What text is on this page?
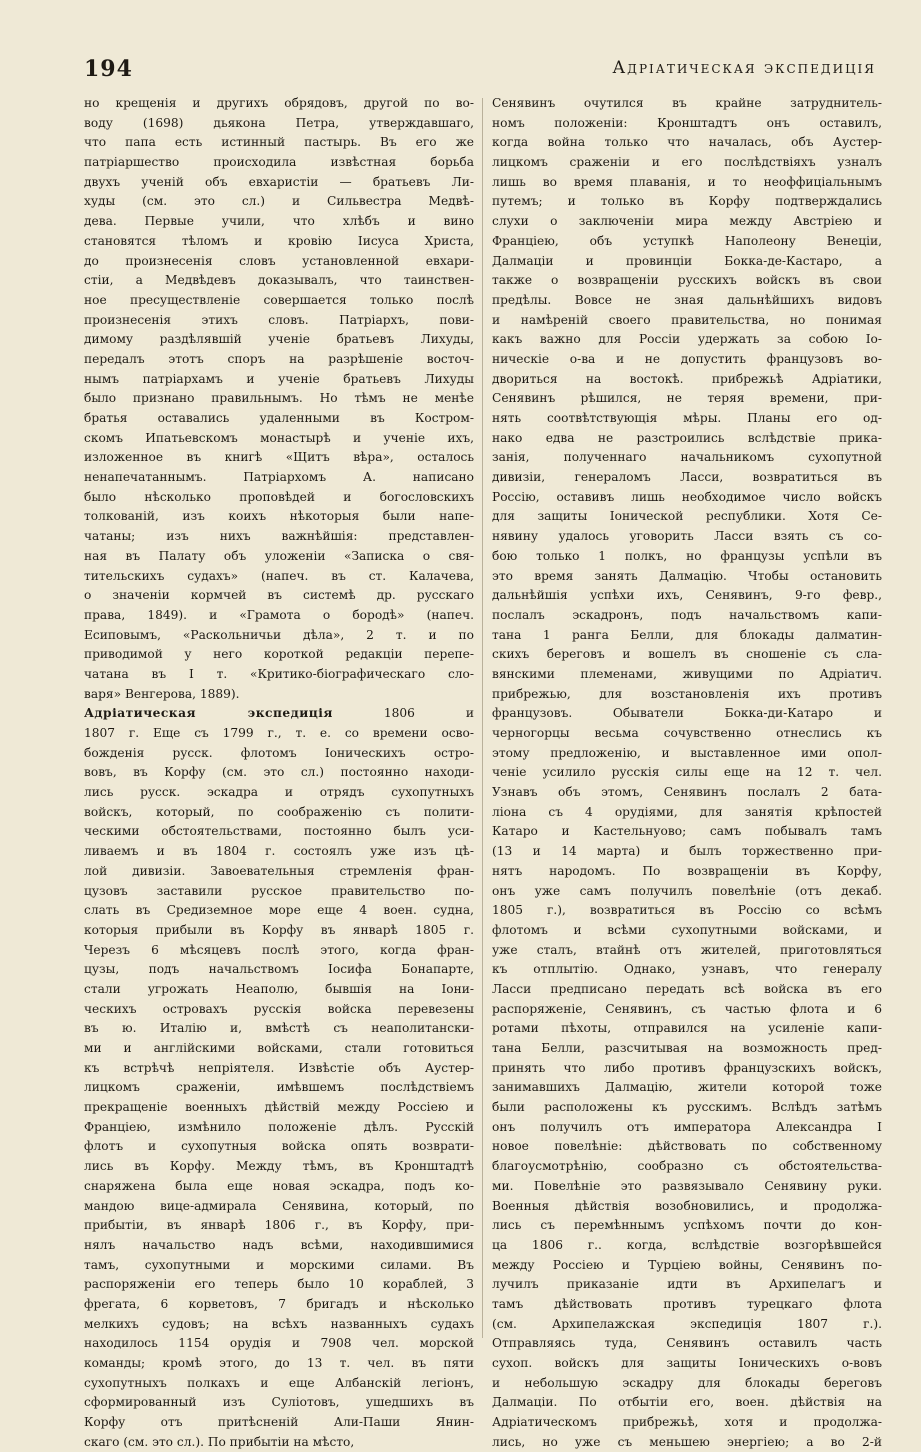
194	Адріатическая экспедиція
но крещенія и другихъ обрядовъ, другой по во-
воду (1698) дьякона Петра, утверждавшаго,
что папа есть истинный пастырь. Въ его же
патріаршество происходила извѣстная борьба
двухъ ученій объ евхаристіи — братьевъ Ли-
худы (см. это сл.) и Сильвестра Медвѣ-
дева. Первые учили, что хлѣбъ и вино
становятся тѣломъ и кровію Іисуса Христа,
до произнесенія словъ установленной евхари-
стіи, а Медвѣдевъ доказывалъ, что таинствен-
ное пресуществленіе совершается только послѣ
произнесенія этихъ словъ. Патріархъ, пови-
димому раздѣлявшій ученіе братьевъ Лихуды,
передалъ этотъ споръ на разрѣшеніе восточ-
нымъ патріархамъ и ученіе братьевъ Лихуды
было признано правильнымъ. Но тѣмъ не менѣе
братья оставались удаленными въ Костром-
скомъ Ипатьевскомъ монастырѣ и ученіе ихъ,
изложенное въ книгѣ «Щитъ вѣра», осталось
ненапечатаннымъ. Патріархомъ А. написано
было нѣсколько проповѣдей и богословскихъ
толкованій, изъ коихъ нѣкоторыя были напе-
чатаны; изъ нихъ важнѣйшія: представлен-
ная въ Палату объ уложеніи «Записка о свя-
тительскихъ судахъ» (напеч. въ ст. Калачева,
о значеніи кормчей въ системѣ др. русскаго
права, 1849). и «Грамота о бородѣ» (напеч.
Есиповымъ, «Раскольничьи дѣла», 2 т. и по
приводимой у него короткой редакціи перепе-
чатана въ І т. «Критико-біографическаго сло-
варя» Венгерова, 1889).
Адріатическая экспедиція 1806 и
1807 г. Еще съ 1799 г., т. е. со времени осво-
божденія русск. флотомъ Іоническихъ остро-
вовъ, въ Корфу (см. это сл.) постоянно находи-
лись русск. эскадра и отрядъ сухопутныхъ
войскъ, который, по соображенію съ полити-
ческими обстоятельствами, постоянно былъ уси-
ливаемъ и въ 1804 г. состоялъ уже изъ цѣ-
лой дивизіи. Завоевательныя стремленія фран-
цузовъ заставили русское правительство по-
слать въ Средиземное море еще 4 воен. судна,
которыя прибыли въ Корфу въ январѣ 1805 г.
Черезъ 6 мѣсяцевъ послѣ этого, когда фран-
цузы, подъ начальствомъ Іосифа Бонапарте,
стали угрожать Неаполю, бывшія на Іони-
ческихъ островахъ русскія войска перевезены
въ ю. Италію и, вмѣстѣ съ неаполитански-
ми и англійскими войсками, стали готовиться
къ встрѣчѣ непріятеля. Извѣстіе объ Аустер-
лицкомъ сраженіи, имѣвшемъ послѣдствіемъ
прекращеніе военныхъ дѣйствій между Россіею и
Франціею, измѣнило положеніе дѣлъ. Русскій
флотъ и сухопутныя войска опять возврати-
лись въ Корфу. Между тѣмъ, въ Кронштадтѣ
снаряжена была еще новая эскадра, подъ ко-
мандою вице-адмирала Сенявина, который, по
прибытіи, въ январѣ 1806 г., въ Корфу, при-
нялъ начальство надъ всѣми, находившимися
тамъ, сухопутными и морскими силами. Въ
распоряженіи его теперь было 10 кораблей, 3
фрегата, 6 корветовъ, 7 бригадъ и нѣсколько
мелкихъ судовъ; на всѣхъ названныхъ судахъ
находилось 1154 орудія и 7908 чел. морской
команды; кромѣ этого, до 13 т. чел. въ пяти
сухопутныхъ полкахъ и еще Албанскій легіонъ,
сформированный изъ Суліотовъ, ушедшихъ въ
Корфу отъ притѣсненій Али-Паши Янин-
скаго (см. это сл.). По прибытіи на мѣсто,
Сенявинъ очутился въ крайне затруднитель-
номъ положеніи: Кронштадтъ онъ оставилъ,
когда война только что началась, объ Аустер-
лицкомъ сраженіи и его послѣдствіяхъ узналъ
лишь во время плаванія, и то неоффиціальнымъ
путемъ; и только въ Корфу подтверждались
слухи о заключеніи мира между Австріею и
Франціею, объ уступкѣ Наполеону Венеціи,
Далмаціи и провинціи Бокка-де-Кастаро, а
также о возвращеніи русскихъ войскъ въ свои
предѣлы. Вовсе не зная дальнѣйшихъ видовъ
и намѣреній своего правительства, но понимая
какъ важно для Россіи удержать за собою Іо-
ническіе о-ва и не допустить французовъ во-
двориться на востокѣ. прибрежьѣ Адріатики,
Сенявинъ рѣшился, не теряя времени, при-
нять соотвѣтствующія мѣры. Планы его од-
нако едва не разстроились вслѣдствіе прика-
занія, полученнаго начальникомъ сухопутной
дивизіи, генераломъ Ласси, возвратиться въ
Россію, оставивъ лишь необходимое число войскъ
для защиты Іонической республики. Хотя Се-
нявину удалось уговорить Ласси взять съ со-
бою только 1 полкъ, но французы успѣли въ
это время занять Далмацію. Чтобы остановить
дальнѣйшія успѣхи ихъ, Сенявинъ, 9-го февр.,
послалъ эскадронъ, подъ начальствомъ капи-
тана 1 ранга Белли, для блокады далматин-
скихъ береговъ и вошелъ въ сношеніе съ сла-
вянскими племенами, живущими по Адріатич.
прибрежью, для возстановленія ихъ противъ
французовъ. Обыватели Бокка-ди-Катаро и
черногорцы весьма сочувственно отнеслись къ
этому предложенію, и выставленное ими опол-
ченіе усилило русскія силы еще на 12 т. чел.
Узнавъ объ этомъ, Сенявинъ послалъ 2 бата-
ліона съ 4 орудіями, для занятія крѣпостей
Катаро и Кастельнуово; самъ побывалъ тамъ
(13 и 14 марта) и былъ торжественно при-
нятъ народомъ. По возвращеніи въ Корфу,
онъ уже самъ получилъ повелѣніе (отъ декаб.
1805 г.), возвратиться въ Россію со всѣмъ
флотомъ и всѣми сухопутными войсками, и
уже сталъ, втайнѣ отъ жителей, приготовляться
къ отплытію. Однако, узнавъ, что генералу
Ласси предписано передать всѣ войска въ его
распоряженіе, Сенявинъ, съ частью флота и 6
ротами пѣхоты, отправился на усиленіе капи-
тана Белли, разсчитывая на возможность пред-
принять что либо противъ французскихъ войскъ,
занимавшихъ Далмацію, жители которой тоже
были расположены къ русскимъ. Вслѣдъ затѣмъ
онъ получилъ отъ императора Александра I
новое повелѣніе: дѣйствовать по собственному
благоусмотрѣнію, сообразно съ обстоятельства-
ми. Повелѣніе это развязывало Сенявину руки.
Военныя дѣйствія возобновились, и продолжа-
лись съ перемѣннымъ успѣхомъ почти до кон-
ца 1806 г.. когда, вслѣдствіе возгорѣвшейся
между Россіею и Турціею войны, Сенявинъ по-
лучилъ приказаніе идти въ Архипелагъ и
тамъ дѣйствовать противъ турецкаго флота
(см. Архипелажская экспедиція 1807 г.).
Отправляясь туда, Сенявинъ оставилъ часть
сухоп. войскъ для защиты Іоническихъ о-вовъ
и небольшую эскадру для блокады береговъ
Далмаціи. По отбытіи его, воен. дѣйствія на
Адріатическомъ прибрежьѣ, хотя и продолжа-
лись, но уже съ меньшею энергіею; а во 2-й
